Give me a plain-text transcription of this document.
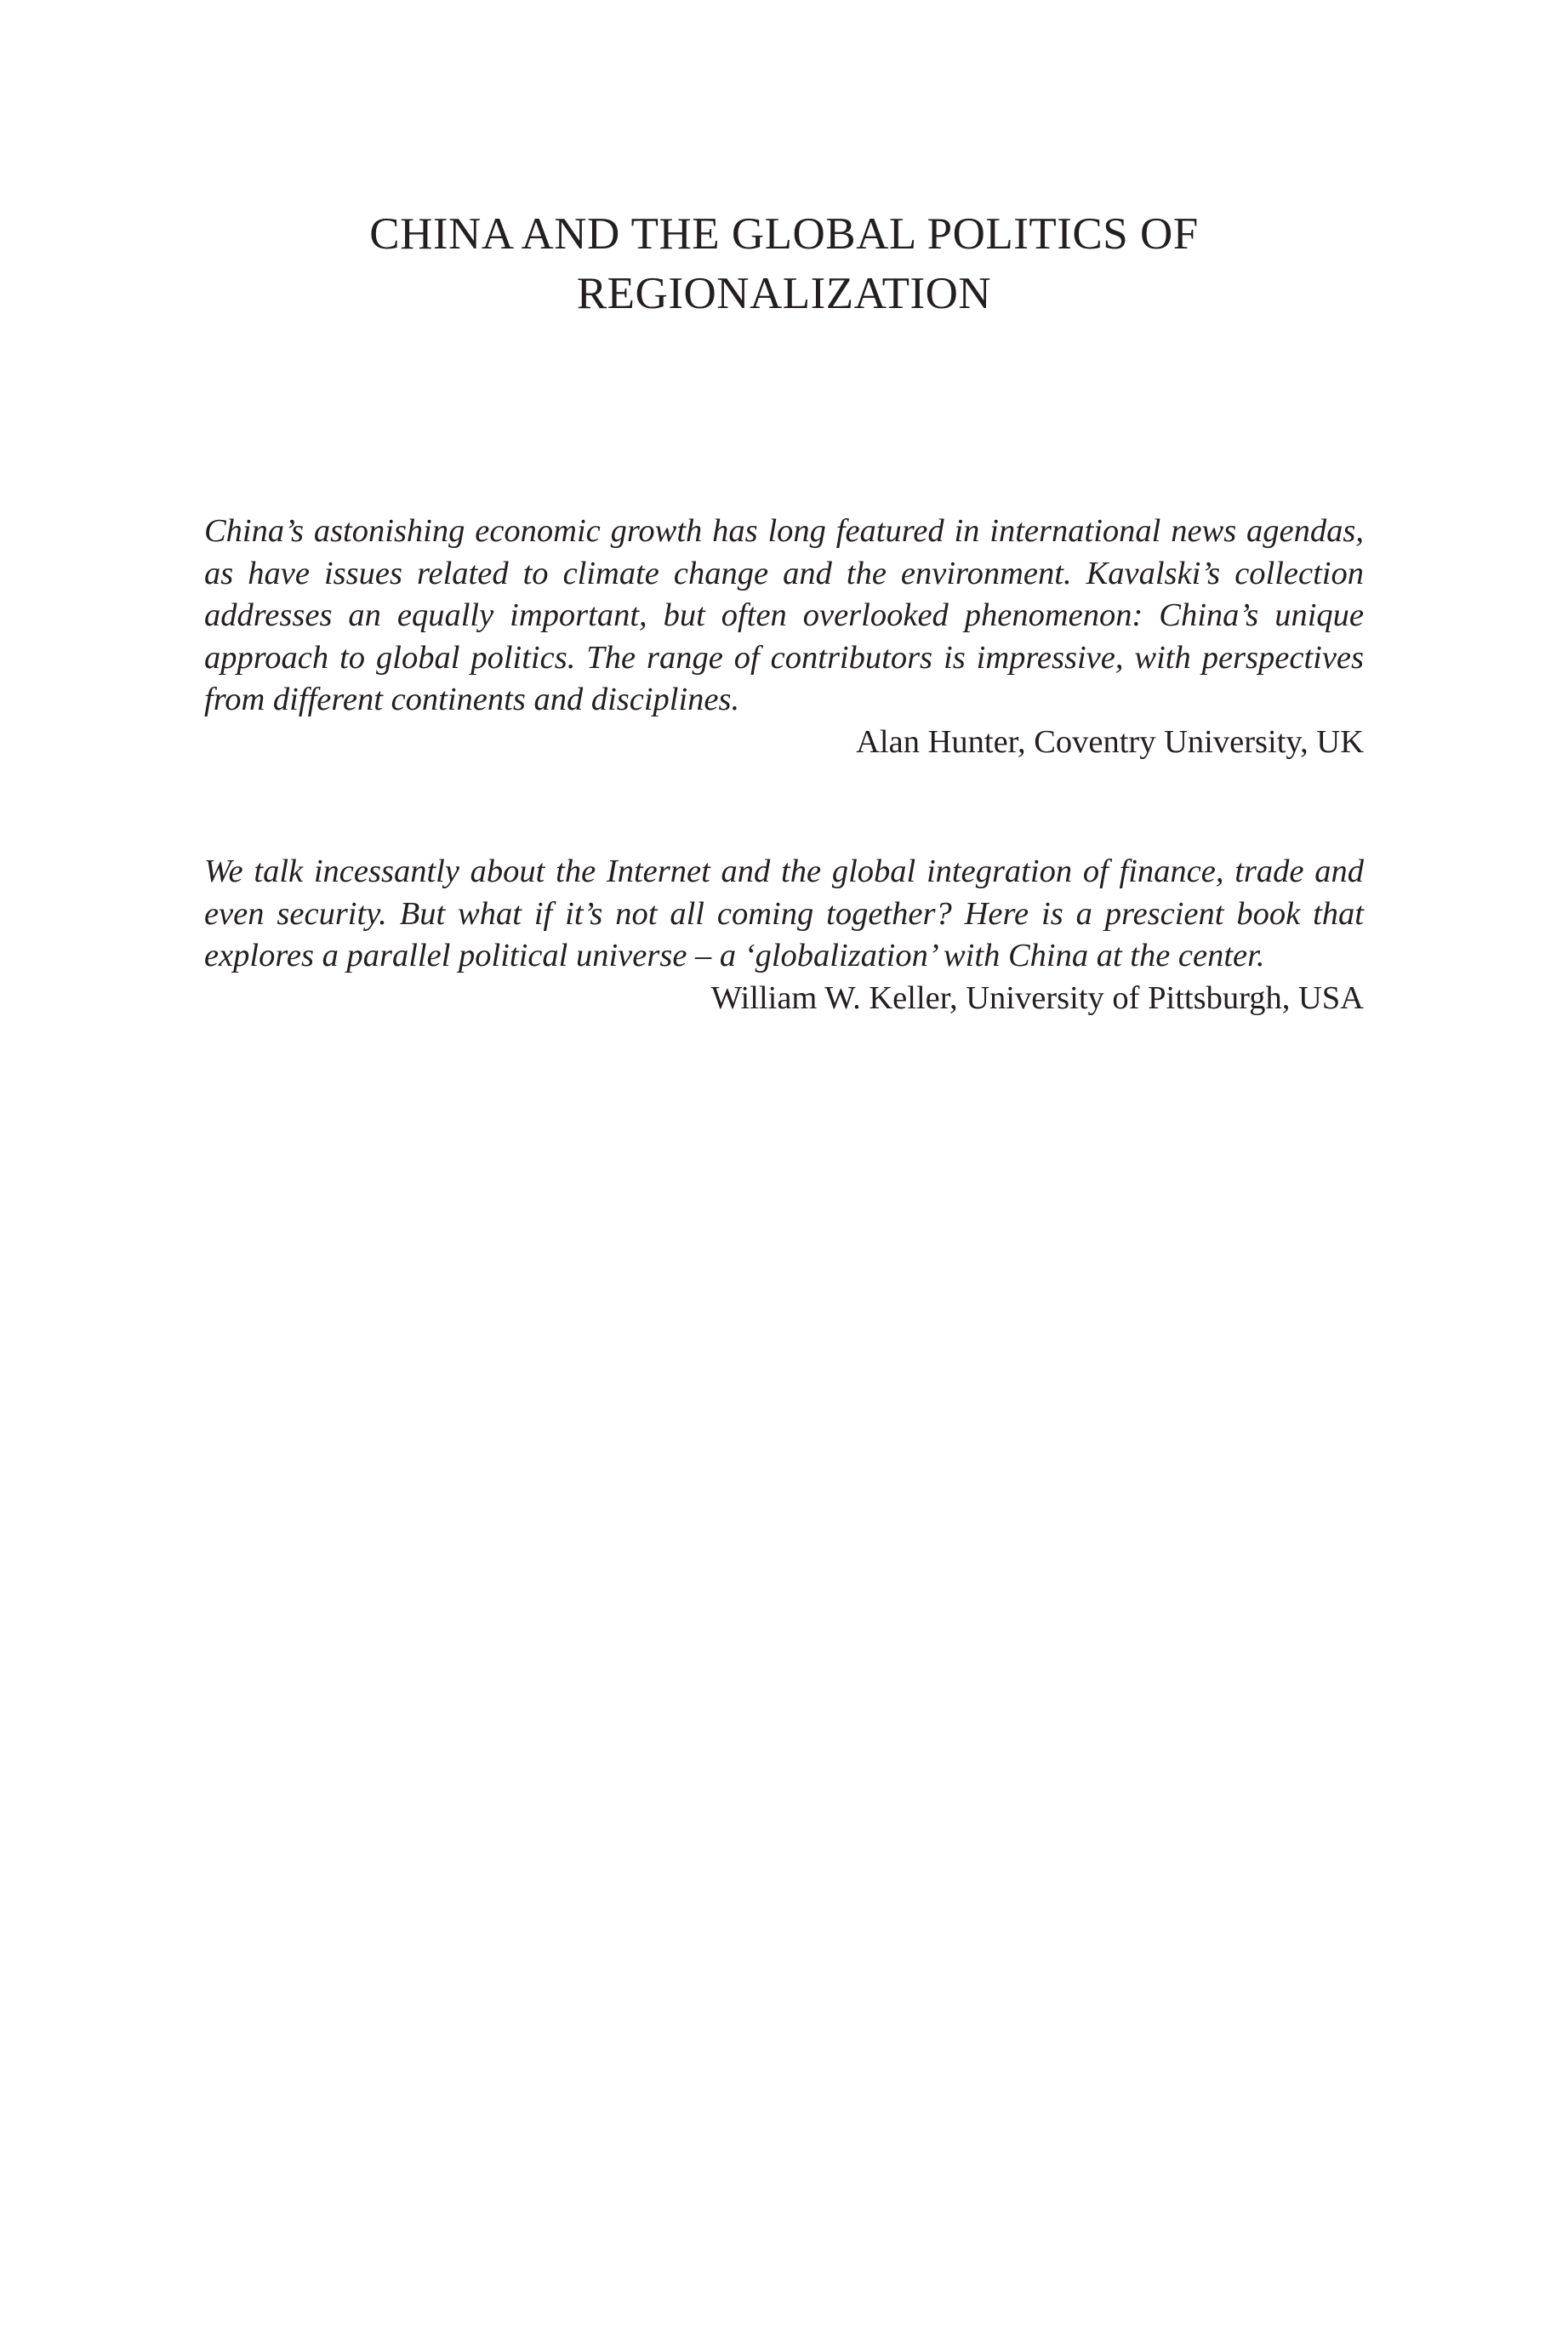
CHINA AND THE GLOBAL POLITICS OF
REGIONALIZATION

China’s astonishing economic growth has long featured in international news agendas, as have issues related to climate change and the environment. Kavalski’s collection addresses an equally important, but often overlooked phenomenon: China’s unique approach to global politics. The range of contributors is impressive, with perspectives from different continents and disciplines.

Alan Hunter, Coventry University, UK

We talk incessantly about the Internet and the global integration of finance, trade and even security. But what if it’s not all coming together? Here is a prescient book that explores a parallel political universe – a ‘globalization’ with China at the center.

William W. Keller, University of Pittsburgh, USA
